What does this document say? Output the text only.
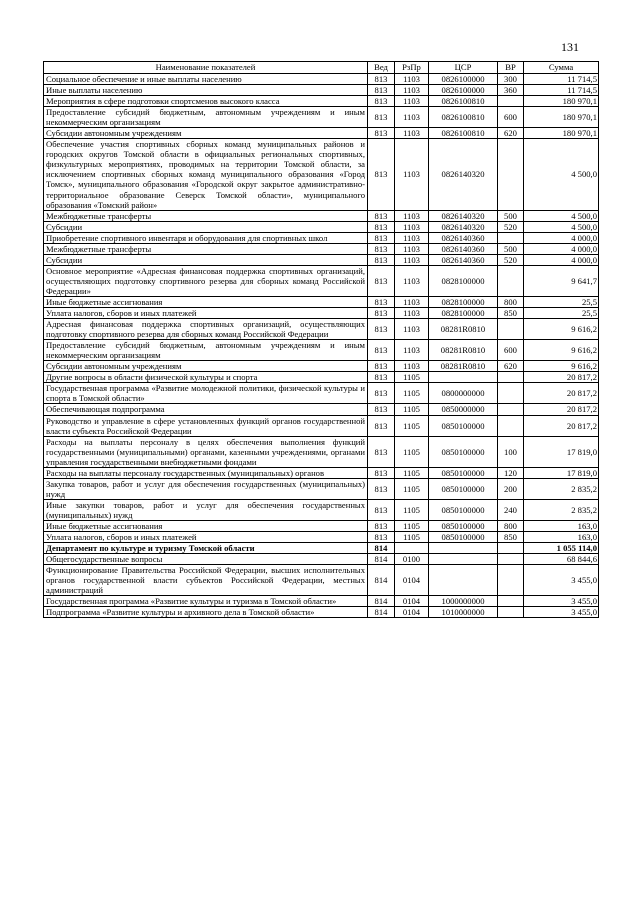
131
Наименование показателей	Вед	РзПр	ЦСР	ВР	Сумма
Социальное обеспечение и иные выплаты населению	813	1103	0826100000	300	11 714,5
Иные выплаты населению	813	1103	0826100000	360	11 714,5
Мероприятия в сфере подготовки спортсменов высокого класса	813	1103	0826100810		180 970,1
Предоставление субсидий бюджетным, автономным учреждениям и иным некоммерческим организациям	813	1103	0826100810	600	180 970,1
Субсидии автономным учреждениям	813	1103	0826100810	620	180 970,1
Обеспечение участия спортивных сборных команд муниципальных районов и городских округов Томской области в официальных региональных спортивных, физкультурных мероприятиях, проводимых на территории Томской области, за исключением спортивных сборных команд муниципального образования «Город Томск», муниципального образования «Городской округ закрытое административно-территориальное образование Северск Томской области», муниципального образования «Томский район»	813	1103	0826140320		4 500,0
Межбюджетные трансферты	813	1103	0826140320	500	4 500,0
Субсидии	813	1103	0826140320	520	4 500,0
Приобретение спортивного инвентаря и оборудования для спортивных школ	813	1103	0826140360		4 000,0
Межбюджетные трансферты	813	1103	0826140360	500	4 000,0
Субсидии	813	1103	0826140360	520	4 000,0
Основное мероприятие «Адресная финансовая поддержка спортивных организаций, осуществляющих подготовку спортивного резерва для сборных команд Российской Федерации»	813	1103	0828100000		9 641,7
Иные бюджетные ассигнования	813	1103	0828100000	800	25,5
Уплата налогов, сборов и иных платежей	813	1103	0828100000	850	25,5
Адресная финансовая поддержка спортивных организаций, осуществляющих подготовку спортивного резерва для сборных команд Российской Федерации	813	1103	08281R0810		9 616,2
Предоставление субсидий бюджетным, автономным учреждениям и иным некоммерческим организациям	813	1103	08281R0810	600	9 616,2
Субсидии автономным учреждениям	813	1103	08281R0810	620	9 616,2
Другие вопросы в области физической культуры и спорта	813	1105			20 817,2
Государственная программа «Развитие молодежной политики, физической культуры и спорта в Томской области»	813	1105	0800000000		20 817,2
Обеспечивающая подпрограмма	813	1105	0850000000		20 817,2
Руководство и управление в сфере установленных функций органов государственной власти субъекта Российской Федерации	813	1105	0850100000		20 817,2
Расходы на выплаты персоналу в целях обеспечения выполнения функций государственными (муниципальными) органами, казенными учреждениями, органами управления государственными внебюджетными фондами	813	1105	0850100000	100	17 819,0
Расходы на выплаты персоналу государственных (муниципальных) органов	813	1105	0850100000	120	17 819,0
Закупка товаров, работ и услуг для обеспечения государственных (муниципальных) нужд	813	1105	0850100000	200	2 835,2
Иные закупки товаров, работ и услуг для обеспечения государственных (муниципальных) нужд	813	1105	0850100000	240	2 835,2
Иные бюджетные ассигнования	813	1105	0850100000	800	163,0
Уплата налогов, сборов и иных платежей	813	1105	0850100000	850	163,0
Департамент по культуре и туризму Томской области	814				1 055 114,0
Общегосударственные вопросы	814	0100			68 844,6
Функционирование Правительства Российской Федерации, высших исполнительных органов государственной власти субъектов Российской Федерации, местных администраций	814	0104			3 455,0
Государственная программа «Развитие культуры и туризма в Томской области»	814	0104	1000000000		3 455,0
Подпрограмма «Развитие культуры и архивного дела в Томской области»	814	0104	1010000000		3 455,0
